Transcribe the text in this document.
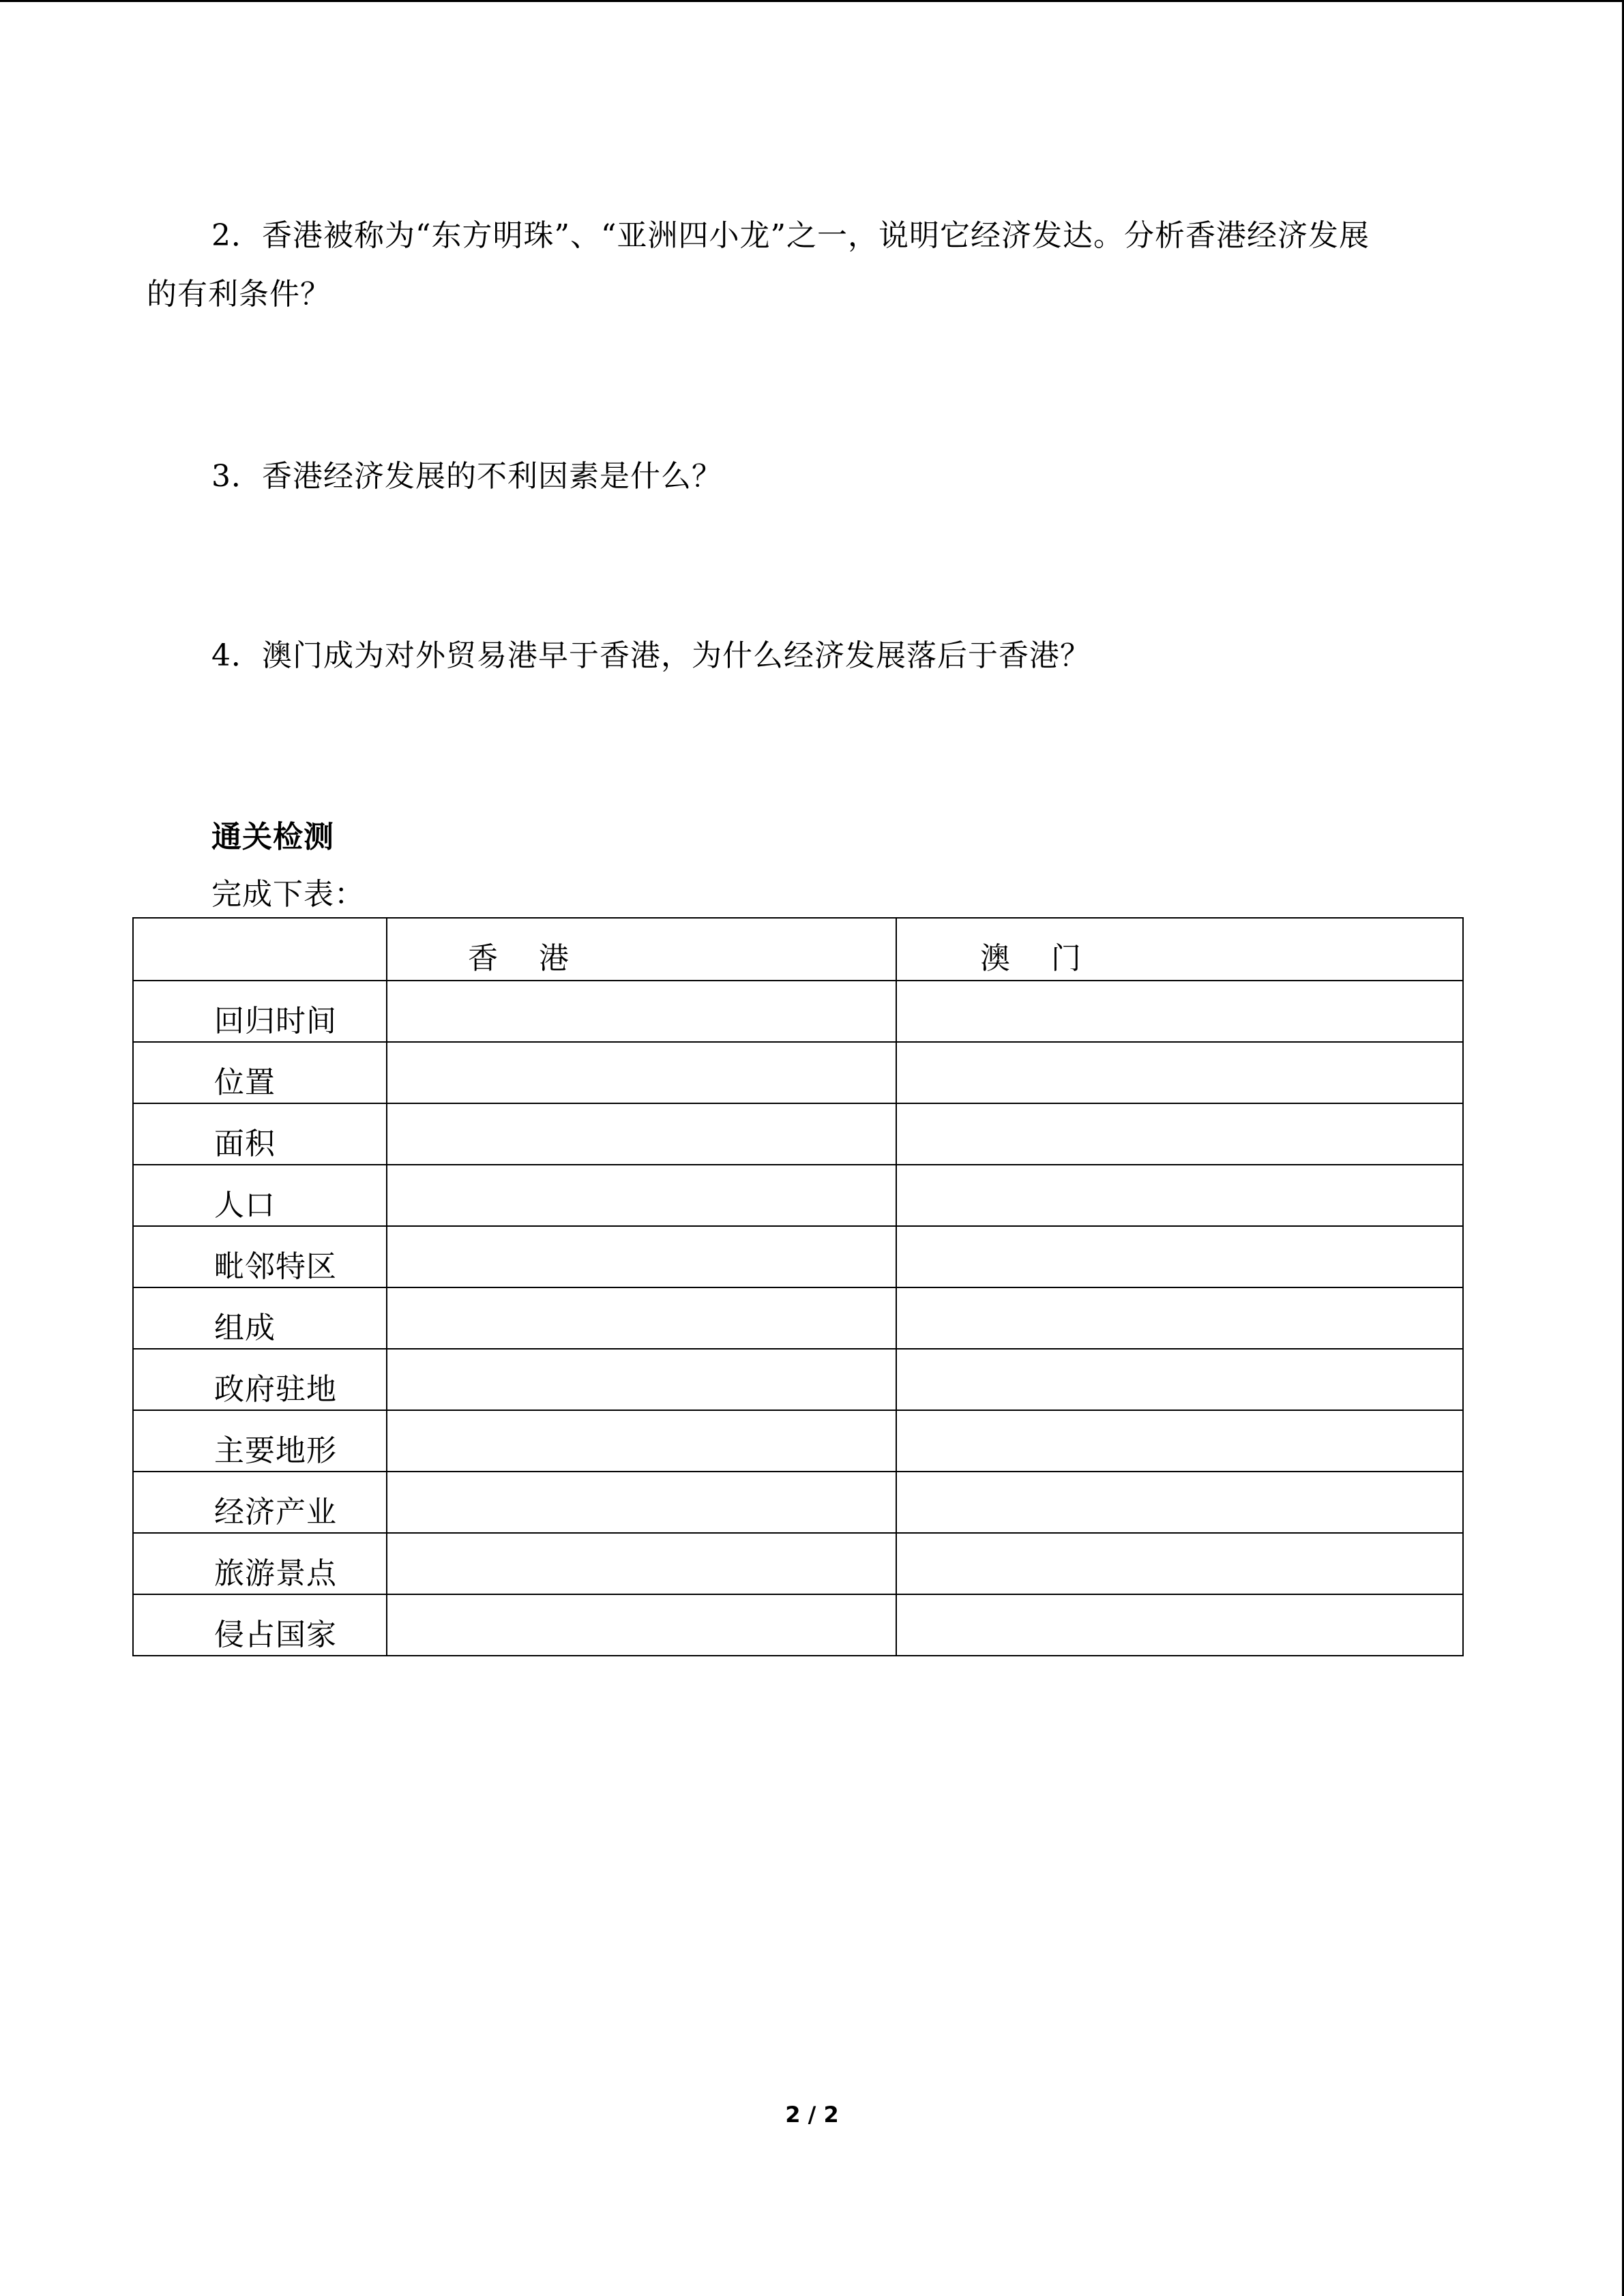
2．香港被称为“东方明珠”、“亚洲四小龙”之一，说明它经济发达。分析香港经济发展
的有利条件？
3．香港经济发展的不利因素是什么？
4．澳门成为对外贸易港早于香港，为什么经济发展落后于香港？
通关检测
完成下表：
	香港	澳门
回归时间		
位置		
面积		
人口		
毗邻特区		
组成		
政府驻地		
主要地形		
经济产业		
旅游景点		
侵占国家		
2 / 2
